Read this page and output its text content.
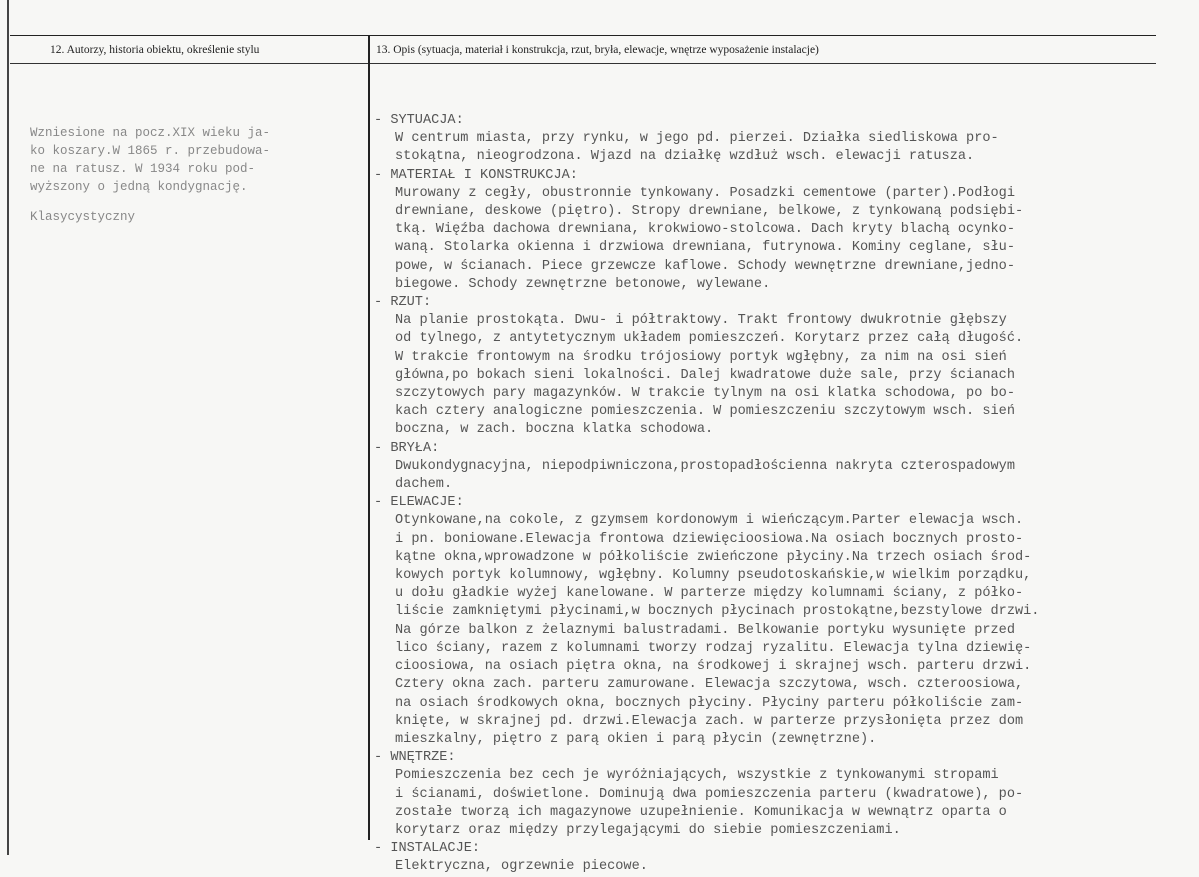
12. Autorzy, historia obiektu, określenie stylu	13. Opis (sytuacja, materiał i konstrukcja, rzut, bryła, elewacje, wnętrze wyposażenie instalacje)

Wzniesione na pocz.XIX wieku ja-

ko koszary.W 1865 r. przebudowa-

ne na ratusz. W 1934 roku pod-

wyższony o jedną kondygnację.

Klasycystyczny

- SYTUACJA:

W centrum miasta, przy rynku, w jego pd. pierzei. Działka siedliskowa pro-

stokątna, nieogrodzona. Wjazd na działkę wzdłuż wsch. elewacji ratusza.

- MATERIAŁ I KONSTRUKCJA:

Murowany z cegły, obustronnie tynkowany. Posadzki cementowe (parter).Podłogi

drewniane, deskowe (piętro). Stropy drewniane, belkowe, z tynkowaną podsiębi-

tką. Więźba dachowa drewniana, krokwiowo-stolcowa. Dach kryty blachą ocynko-

waną. Stolarka okienna i drzwiowa drewniana, futrynowa. Kominy ceglane, słu-

powe, w ścianach. Piece grzewcze kaflowe. Schody wewnętrzne drewniane,jedno-

biegowe. Schody zewnętrzne betonowe, wylewane.

- RZUT:

Na planie prostokąta. Dwu- i półtraktowy. Trakt frontowy dwukrotnie głębszy

od tylnego, z antytetycznym układem pomieszczeń. Korytarz przez całą długość.

W trakcie frontowym na środku trójosiowy portyk wgłębny, za nim na osi sień

główna,po bokach sieni lokalności. Dalej kwadratowe duże sale, przy ścianach

szczytowych pary magazynków. W trakcie tylnym na osi klatka schodowa, po bo-

kach cztery analogiczne pomieszczenia. W pomieszczeniu szczytowym wsch. sień

boczna, w zach. boczna klatka schodowa.

- BRYŁA:

Dwukondygnacyjna, niepodpiwniczona,prostopadłościenna nakryta czterospadowym

dachem.

- ELEWACJE:

Otynkowane,na cokole, z gzymsem kordonowym i wieńczącym.Parter elewacja wsch.

i pn. boniowane.Elewacja frontowa dziewięcioosiowa.Na osiach bocznych prosto-

kątne okna,wprowadzone w półkoliście zwieńczone płyciny.Na trzech osiach środ-

kowych portyk kolumnowy, wgłębny. Kolumny pseudotoskańskie,w wielkim porządku,

u dołu gładkie wyżej kanelowane. W parterze między kolumnami ściany, z półko-

liście zamkniętymi płycinami,w bocznych płycinach prostokątne,bezstylowe drzwi.

Na górze balkon z żelaznymi balustradami. Belkowanie portyku wysunięte przed

lico ściany, razem z kolumnami tworzy rodzaj ryzalitu. Elewacja tylna dziewię-

cioosiowa, na osiach piętra okna, na środkowej i skrajnej wsch. parteru drzwi.

Cztery okna zach. parteru zamurowane. Elewacja szczytowa, wsch. czteroosiowa,

na osiach środkowych okna, bocznych płyciny. Płyciny parteru półkoliście zam-

knięte, w skrajnej pd. drzwi.Elewacja zach. w parterze przysłonięta przez dom

mieszkalny, piętro z parą okien i parą płycin (zewnętrzne).

- WNĘTRZE:

Pomieszczenia bez cech je wyróżniających, wszystkie z tynkowanymi stropami

i ścianami, doświetlone. Dominują dwa pomieszczenia parteru (kwadratowe), po-

zostałe tworzą ich magazynowe uzupełnienie. Komunikacja w wewnątrz oparta o

korytarz oraz między przylegającymi do siebie pomieszczeniami.

- INSTALACJE:

Elektryczna, ogrzewnie piecowe.
